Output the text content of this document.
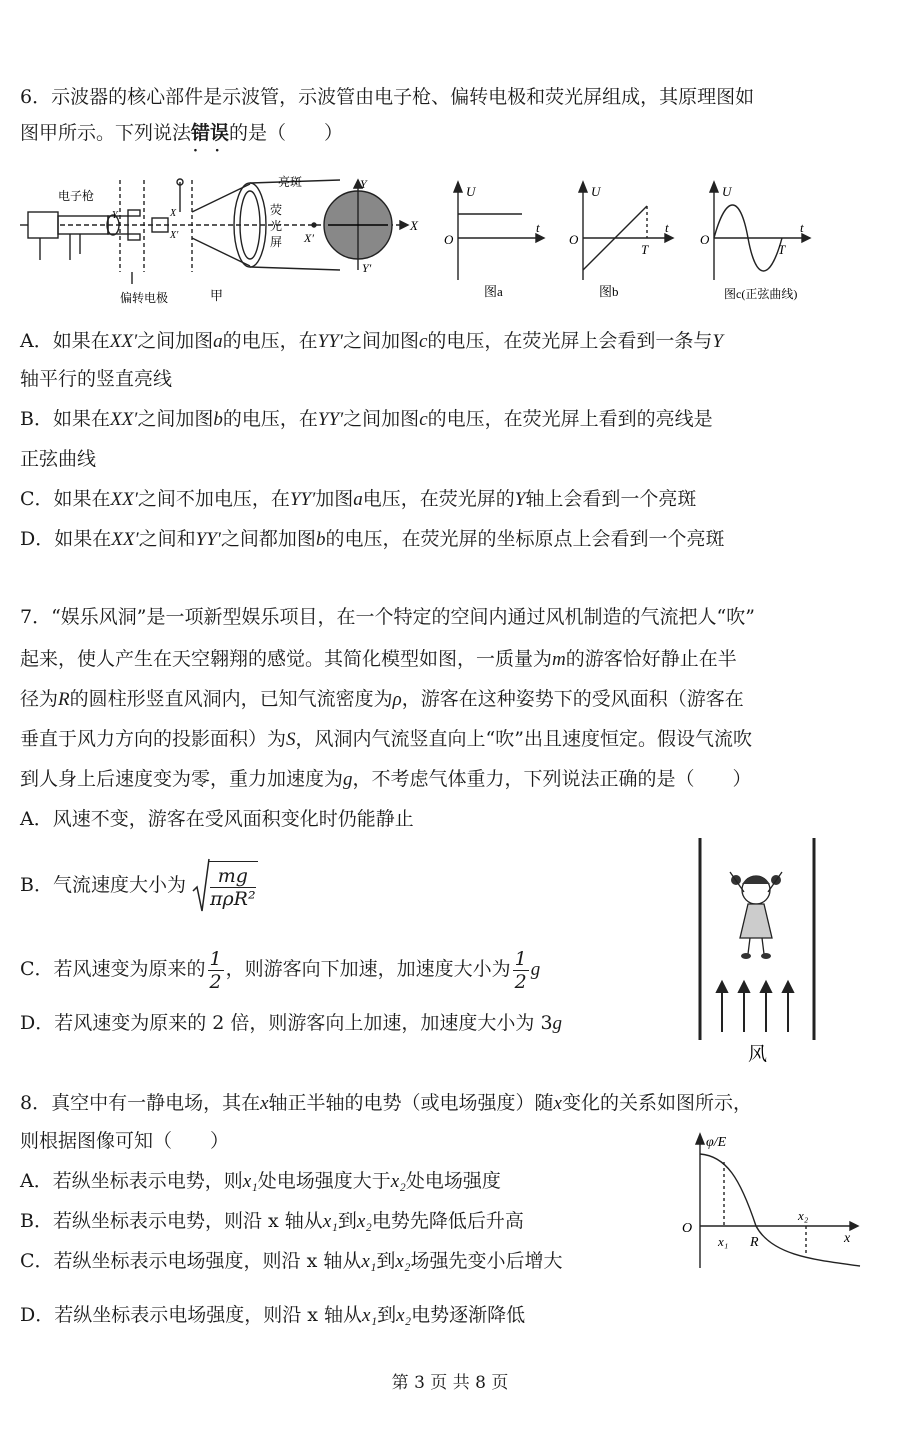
6．示波器的核心部件是示波管，示波管由电子枪、偏转电极和荧光屏组成，其原理图如
图甲所示。下列说法错误 · ·的是（　　）
电子枪
偏转电极
亮斑
荧
光
屏
Y
Y′
X
X′
Y	X
X′
甲
U
O
t
图a
U
O
T
t
图b
U
O
T
t
图c(正弦曲线)
A．如果在XX′之间加图a的电压，在YY′之间加图c的电压，在荧光屏上会看到一条与Y
轴平行的竖直亮线
B．如果在XX′之间加图b的电压，在YY′之间加图c的电压，在荧光屏上看到的亮线是
正弦曲线
C．如果在XX′之间不加电压，在YY′加图a电压，在荧光屏的Y轴上会看到一个亮斑
D．如果在XX′之间和YY′之间都加图b的电压，在荧光屏的坐标原点上会看到一个亮斑
7．“娱乐风洞”是一项新型娱乐项目，在一个特定的空间内通过风机制造的气流把人“吹”
起来，使人产生在天空翱翔的感觉。其简化模型如图，一质量为m的游客恰好静止在半
径为R的圆柱形竖直风洞内，已知气流密度为ρ，游客在这种姿势下的受风面积（游客在
垂直于风力方向的投影面积）为S，风洞内气流竖直向上“吹”出且速度恒定。假设气流吹
到人身上后速度变为零，重力加速度为g，不考虑气体重力，下列说法正确的是（　　）
A．风速不变，游客在受风面积变化时仍能静止
B．气流速度大小为 $\frac{mg}{\text{πρR²}}$
C．若风速变为原来的 $\frac{1}{2}$ ，则游客向下加速，加速度大小为 $\frac{1}{2}$ g
D．若风速变为原来的 2 倍，则游客向上加速，加速度大小为 3g
风
8．真空中有一静电场，其在x轴正半轴的电势（或电场强度）随x变化的关系如图所示，
则根据图像可知（　　）
A．若纵坐标表示电势，则x₁处电场强度大于x₂处电场强度
B．若纵坐标表示电势，则沿 x 轴从x₁到x₂电势先降低后升高
C．若纵坐标表示电场强度，则沿 x 轴从x₁到x₂场强先变小后增大
D．若纵坐标表示电场强度，则沿 x 轴从x₁到x₂电势逐渐降低
φ/E
O
x₁ R
x₂
x
第 3 页 共 8 页
